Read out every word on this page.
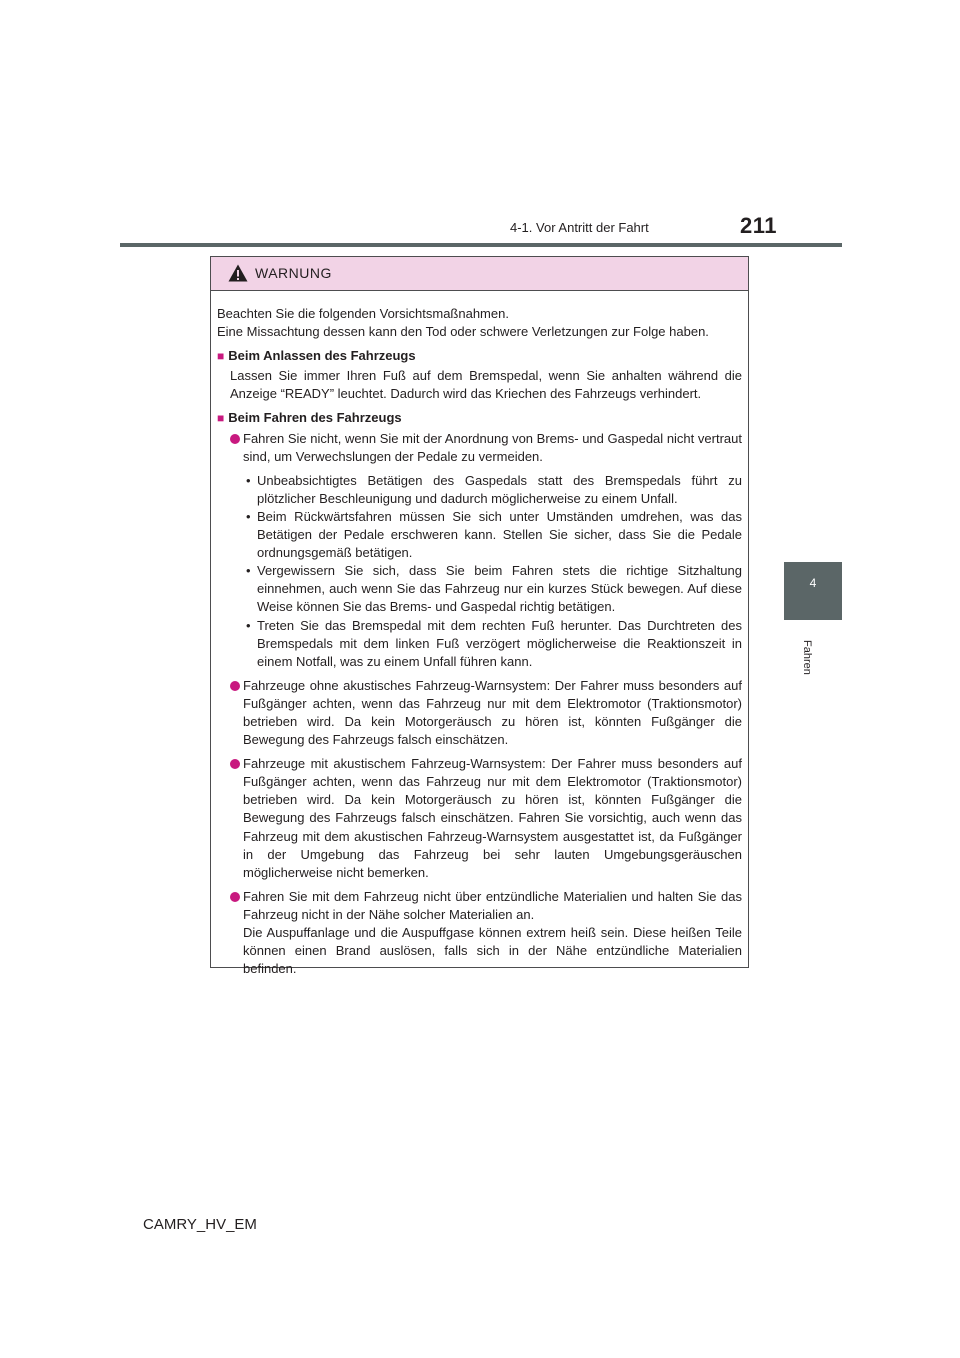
4-1. Vor Antritt der Fahrt	211
4
Fahren
WARNUNG
Beachten Sie die folgenden Vorsichtsmaßnahmen.
Eine Missachtung dessen kann den Tod oder schwere Verletzungen zur Folge haben.
■ Beim Anlassen des Fahrzeugs
Lassen Sie immer Ihren Fuß auf dem Bremspedal, wenn Sie anhalten während die Anzeige “READY” leuchtet. Dadurch wird das Kriechen des Fahrzeugs verhindert.
■ Beim Fahren des Fahrzeugs
Fahren Sie nicht, wenn Sie mit der Anordnung von Brems- und Gaspedal nicht vertraut sind, um Verwechslungen der Pedale zu vermeiden.
• Unbeabsichtigtes Betätigen des Gaspedals statt des Bremspedals führt zu plötzlicher Beschleunigung und dadurch möglicherweise zu einem Unfall.
• Beim Rückwärtsfahren müssen Sie sich unter Umständen umdrehen, was das Betätigen der Pedale erschweren kann. Stellen Sie sicher, dass Sie die Pedale ordnungsgemäß betätigen.
• Vergewissern Sie sich, dass Sie beim Fahren stets die richtige Sitzhaltung einnehmen, auch wenn Sie das Fahrzeug nur ein kurzes Stück bewegen. Auf diese Weise können Sie das Brems- und Gaspedal richtig betätigen.
• Treten Sie das Bremspedal mit dem rechten Fuß herunter. Das Durchtreten des Bremspedals mit dem linken Fuß verzögert möglicherweise die Reaktionszeit in einem Notfall, was zu einem Unfall führen kann.
Fahrzeuge ohne akustisches Fahrzeug-Warnsystem: Der Fahrer muss besonders auf Fußgänger achten, wenn das Fahrzeug nur mit dem Elektromotor (Traktionsmotor) betrieben wird. Da kein Motorgeräusch zu hören ist, könnten Fußgänger die Bewegung des Fahrzeugs falsch einschätzen.
Fahrzeuge mit akustischem Fahrzeug-Warnsystem: Der Fahrer muss besonders auf Fußgänger achten, wenn das Fahrzeug nur mit dem Elektromotor (Traktionsmotor) betrieben wird. Da kein Motorgeräusch zu hören ist, könnten Fußgänger die Bewegung des Fahrzeugs falsch einschätzen. Fahren Sie vorsichtig, auch wenn das Fahrzeug mit dem akustischen Fahrzeug-Warnsystem ausgestattet ist, da Fußgänger in der Umgebung das Fahrzeug bei sehr lauten Umgebungsgeräuschen möglicherweise nicht bemerken.
Fahren Sie mit dem Fahrzeug nicht über entzündliche Materialien und halten Sie das Fahrzeug nicht in der Nähe solcher Materialien an.
Die Auspuffanlage und die Auspuffgase können extrem heiß sein. Diese heißen Teile können einen Brand auslösen, falls sich in der Nähe entzündliche Materialien befinden.
CAMRY_HV_EM
